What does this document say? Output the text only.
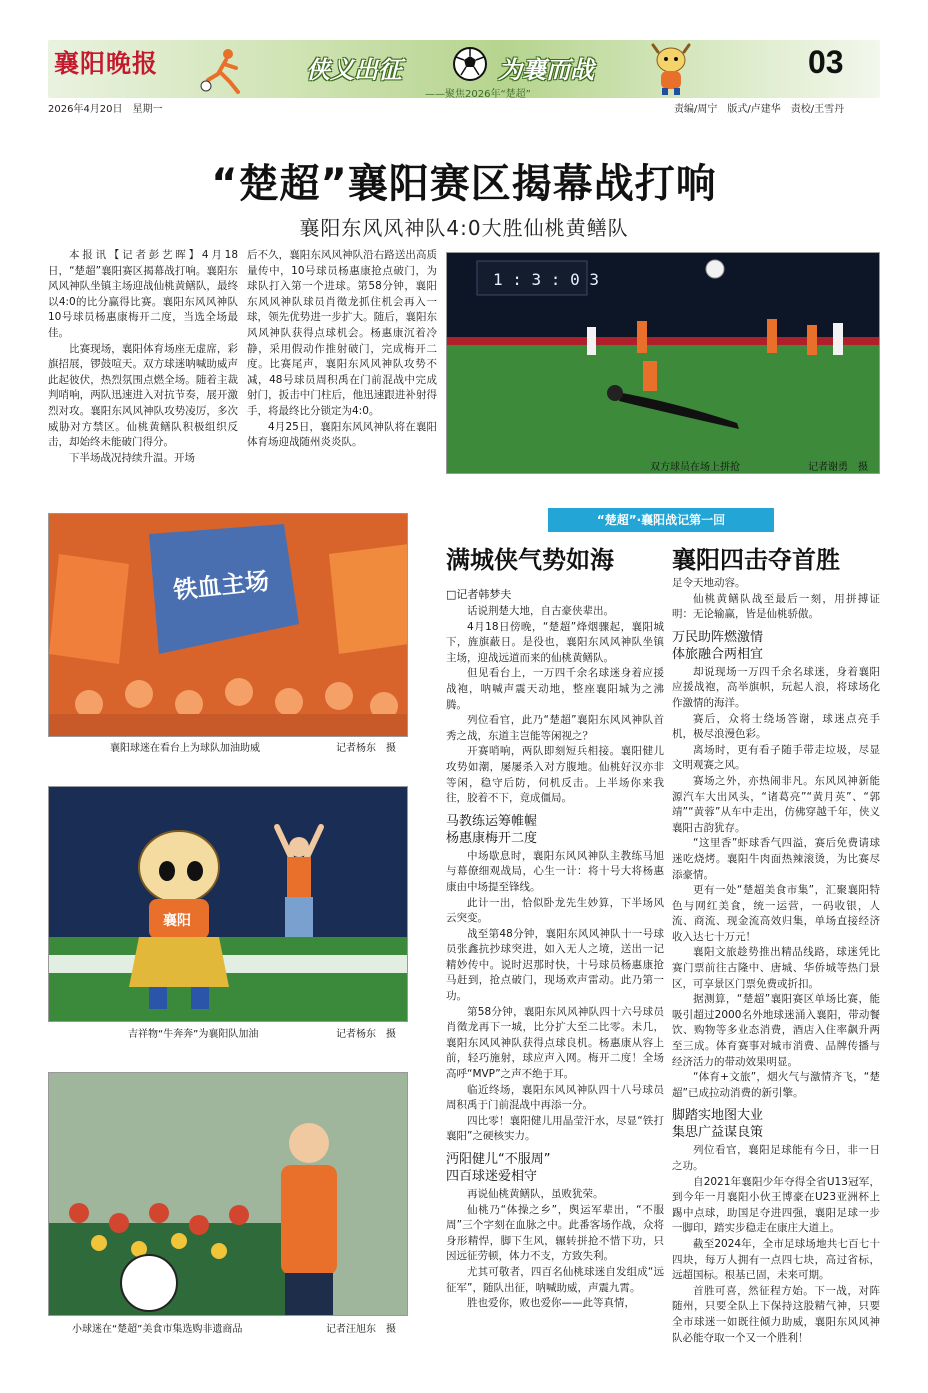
襄阳晚报	侠义出征	为襄而战
——聚焦2026年“楚超”
03
2026年4月20日　 星期一	责编/周宁　版式/卢建华　责校/王雪丹
“楚超”襄阳赛区揭幕战打响
襄阳东风风神队4:0大胜仙桃黄鳝队

本报讯【记者彭艺晖】4月18日，“楚超”襄阳赛区揭幕战打响。襄阳东风风神队坐镇主场迎战仙桃黄鳝队，最终以4:0的比分赢得比赛。襄阳东风风神队10号球员杨惠康梅开二度，当选全场最佳。

比赛现场，襄阳体育场座无虚席，彩旗招展，锣鼓喧天。双方球迷呐喊助威声此起彼伏，热烈氛围点燃全场。随着主裁判哨响，两队迅速进入对抗节奏，展开激烈对攻。襄阳东风风神队攻势凌厉，多次威胁对方禁区。仙桃黄鳝队积极组织反击，却始终未能破门得分。

下半场战况持续升温。开场

后不久，襄阳东风风神队沿右路送出高质量传中，10号球员杨惠康抢点破门，为球队打入第一个进球。第58分钟，襄阳东风风神队球员肖徵龙抓住机会再入一球，领先优势进一步扩大。随后，襄阳东风风神队获得点球机会。杨惠康沉着冷静，采用假动作推射破门，完成梅开二度。比赛尾声，襄阳东风风神队攻势不减，48号球员周积禹在门前混战中完成射门，扳击中门柱后，他迅速跟进补射得手，将最终比分锁定为4:0。

4月25日，襄阳东风风神队将在襄阳体育场迎战随州炎炎队。

1 : 3 : 0 3
双方球员在场上拼抢	记者谢勇　摄
铁血主场
襄阳球迷在看台上为球队加油助威	记者杨东　摄
襄阳
吉祥物“牛奔奔”为襄阳队加油	记者杨东　摄
小球迷在“楚超”美食市集选购非遗商品	记者汪旭东　摄
“楚超”·襄阳战记第一回
满城侠气势如海 襄阳四击夺首胜
□记者韩梦夫

话说荆楚大地，自古豪侠辈出。

4月18日傍晚，“楚超”烽烟骤起，襄阳城下，旌旗蔽日。是役也，襄阳东风风神队坐镇主场，迎战远道而来的仙桃黄鳝队。

但见看台上，一万四千余名球迷身着应援战袍，呐喊声震天动地，整座襄阳城为之沸腾。

列位看官，此乃“楚超”襄阳东风风神队首秀之战，东道主岂能等闲视之？

开赛哨响，两队即刻短兵相接。襄阳健儿攻势如潮，屡屡杀入对方腹地。仙桃好汉亦非等闲，稳守后防，伺机反击。上半场你来我往，胶着不下，竟成僵局。

马教练运筹帷幄

杨惠康梅开二度

中场歇息时，襄阳东风风神队主教练马旭与幕僚细观战局，心生一计：将十号大将杨惠康由中场提至锋线。

此计一出，恰似卧龙先生妙算，下半场风云突变。

战至第48分钟，襄阳东风风神队十一号球员张鑫抗抄球突进，如入无人之境，送出一记精妙传中。说时迟那时快，十号球员杨惠康抢马赶到，抢点破门，现场欢声雷动。此乃第一功。

第58分钟，襄阳东风风神队四十六号球员肖徵龙再下一城，比分扩大至二比零。未几，襄阳东风风神队获得点球良机。杨惠康从容上前，轻巧施射，球应声入网。梅开二度！全场高呼“MVP”之声不绝于耳。

临近终场，襄阳东风风神队四十八号球员周积禹于门前混战中再添一分。

四比零！襄阳健儿用晶莹汗水，尽显“铁打襄阳”之硬核实力。

沔阳健儿“不服周”

四百球迷爱相守

再说仙桃黄鳝队，虽败犹荣。

仙桃乃“体操之乡”，舆运军辈出，“不服周”三个字刻在血脉之中。此番客场作战，众将身形精悍，脚下生风，辗转拼抢不惜下功，只因远征劳顿，体力不支，方致失利。

尤其可敬者，四百名仙桃球迷自发组成“远征军”，随队出征，呐喊助威，声震九霄。

胜也爱你，败也爱你——此等真情，

足令天地动容。

仙桃黄鳝队战至最后一刻，用拼搏证明：无论输赢，皆是仙桃骄傲。

万民助阵燃激情

体旅融合两相宜

却说现场一万四千余名球迷，身着襄阳应援战袍，高举旗帜，玩起人浪，将球场化作激情的海洋。

赛后，众将士绕场答谢，球迷点亮手机，极尽浪漫色彩。

离场时，更有看子随手带走垃圾，尽显文明观赛之风。

赛场之外，亦热闹非凡。东风风神新能源汽车大出风头，“诸葛亮”“黄月英”、“郭靖”“黄蓉”从车中走出，仿佛穿越千年，侠义襄阳古韵犹存。

“这里香”虾球香气四溢，赛后免费请球迷吃烧烤。襄阳牛肉面热辣滚烫，为比赛尽添豪情。

更有一处“楚超美食市集”，汇聚襄阳特色与网红美食，统一运营，一码收银，人流、商流、现金流高效归集，单场直接经济收入达七十万元！

襄阳文旅趁势推出精品线路，球迷凭比赛门票前往古隆中、唐城、华侨城等热门景区，可享景区门票免费或折扣。

据测算，“楚超”襄阳赛区单场比赛，能吸引超过2000名外地球迷涌入襄阳，带动餐饮、购物等多业态消费，酒店入住率飙升两至三成。体育赛事对城市消费、品牌传播与经济活力的带动效果明显。

“体育+文旅”，烟火气与激情齐飞，“楚超”已成拉动消费的新引擎。

脚踏实地图大业

集思广益谋良策

列位看官，襄阳足球能有今日，非一日之功。

自2021年襄阳少年夺得全省U13冠军，到今年一月襄阳小伙王博豪在U23亚洲杯上踢中点球，助国足夺进四强，襄阳足球一步一脚印，踏实步稳走在康庄大道上。

截至2024年，全市足球场地共七百七十四块，每万人拥有一点四七块，高过省标，远超国标。根基已固，未来可期。

首胜可喜，然征程方始。下一战，对阵随州，只要全队上下保持这股精气神，只要全市球迷一如既往倾力助威，襄阳东风风神队必能夺取一个又一个胜利！
